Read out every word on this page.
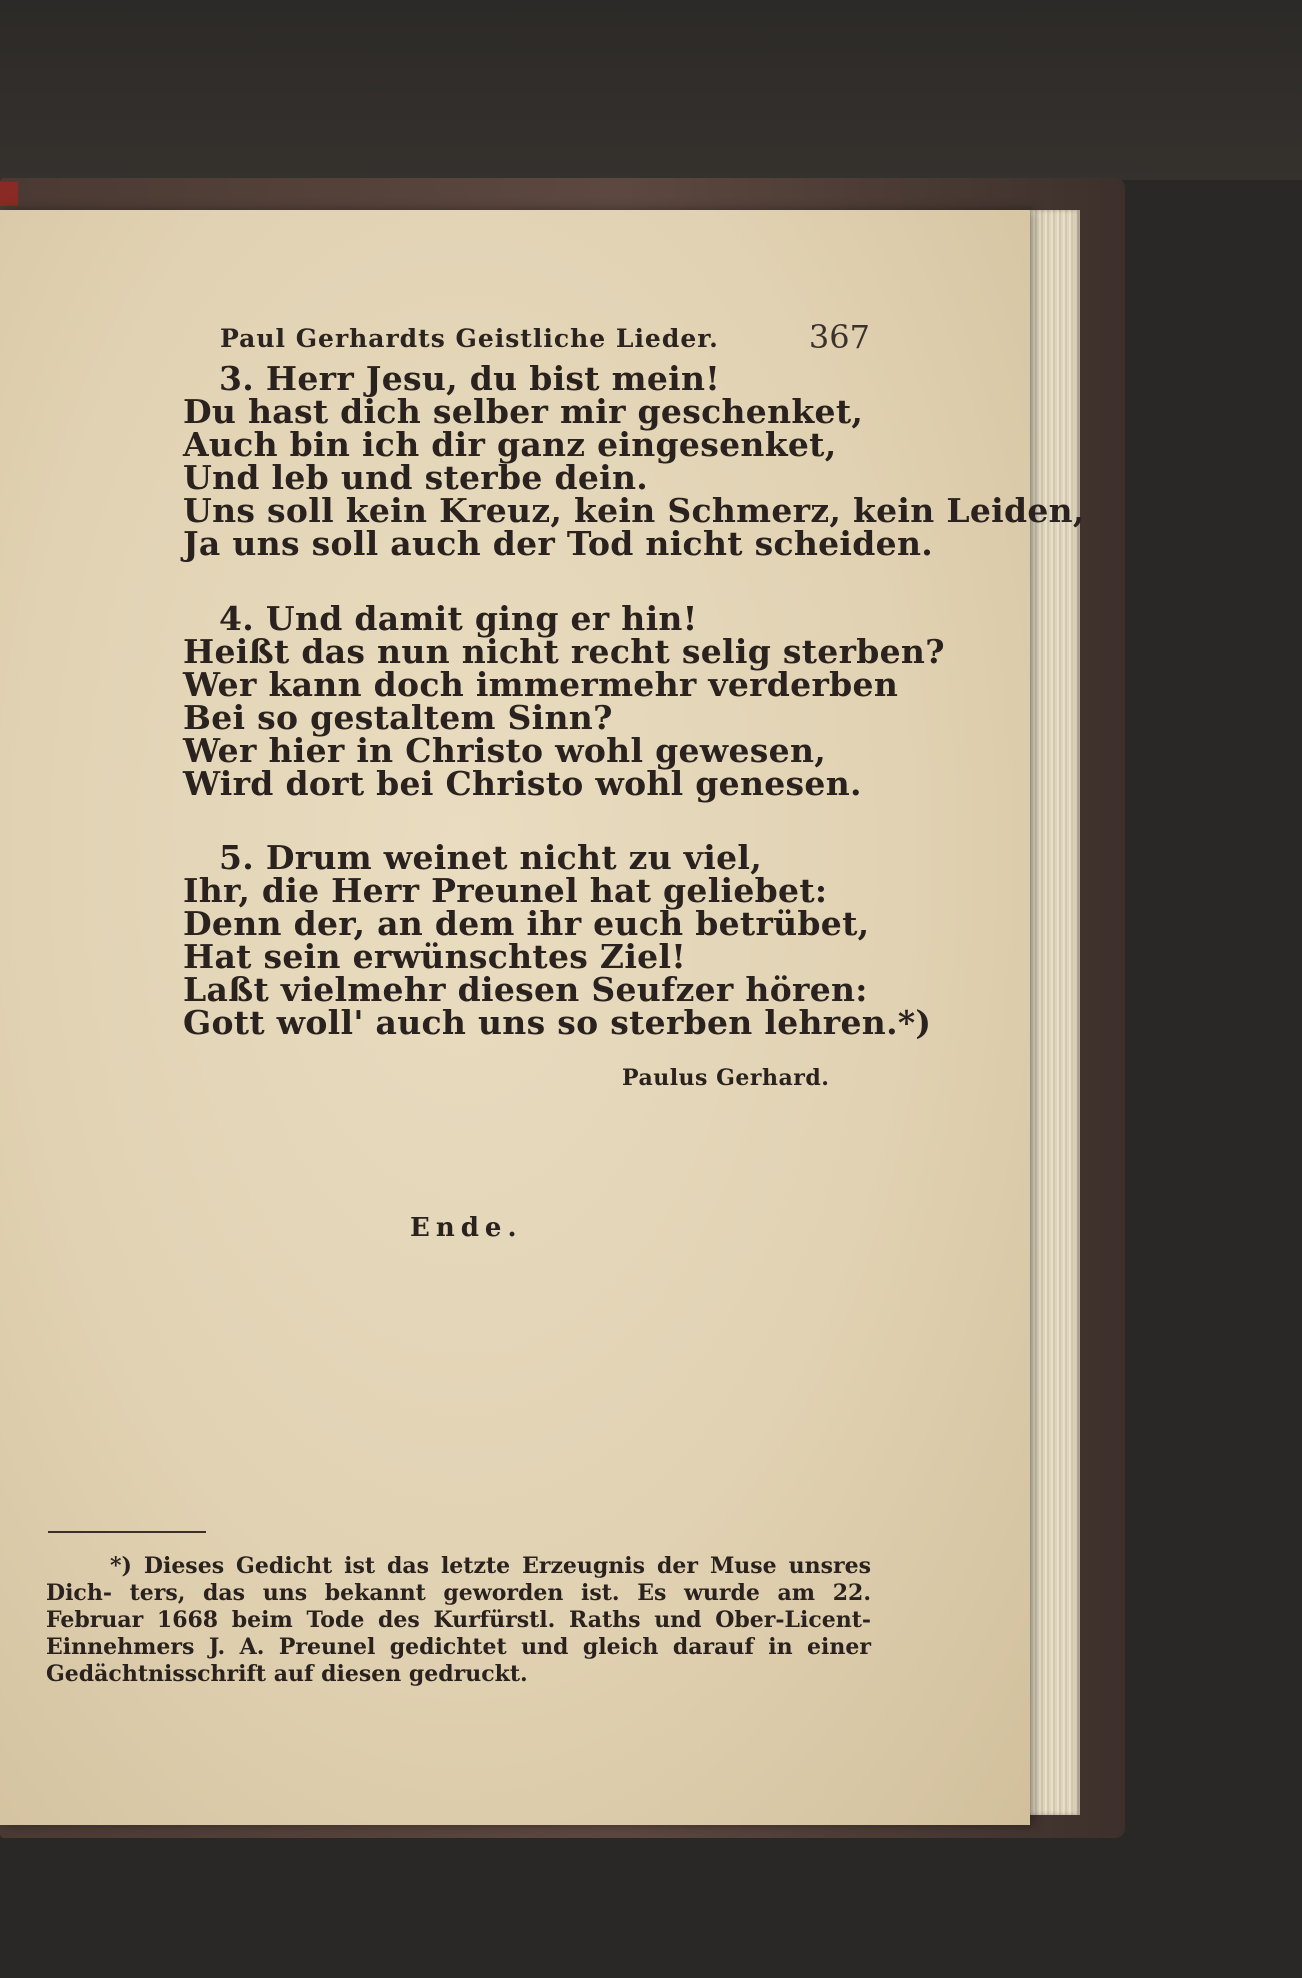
Paul Gerhardts Geistliche Lieder.	367
3. Herr Jesu, du bist mein!
Du hast dich selber mir geschenket,
Auch bin ich dir ganz eingesenket,
Und leb und sterbe dein.
Uns soll kein Kreuz, kein Schmerz, kein Leiden,
Ja uns soll auch der Tod nicht scheiden.
4. Und damit ging er hin!
Heißt das nun nicht recht selig sterben?
Wer kann doch immermehr verderben
Bei so gestaltem Sinn?
Wer hier in Christo wohl gewesen,
Wird dort bei Christo wohl genesen.
5. Drum weinet nicht zu viel,
Ihr, die Herr Preunel hat geliebet:
Denn der, an dem ihr euch betrübet,
Hat sein erwünschtes Ziel!
Laßt vielmehr diesen Seufzer hören:
Gott woll' auch uns so sterben lehren.*)
Paulus Gerhard.
Ende.
*) Dieses Gedicht ist das letzte Erzeugnis der Muse unsres Dich- ters, das uns bekannt geworden ist. Es wurde am 22. Februar 1668 beim Tode des Kurfürstl. Raths und Ober-Licent-Einnehmers J. A. Preunel gedichtet und gleich darauf in einer Gedächtnisschrift auf diesen gedruckt.
